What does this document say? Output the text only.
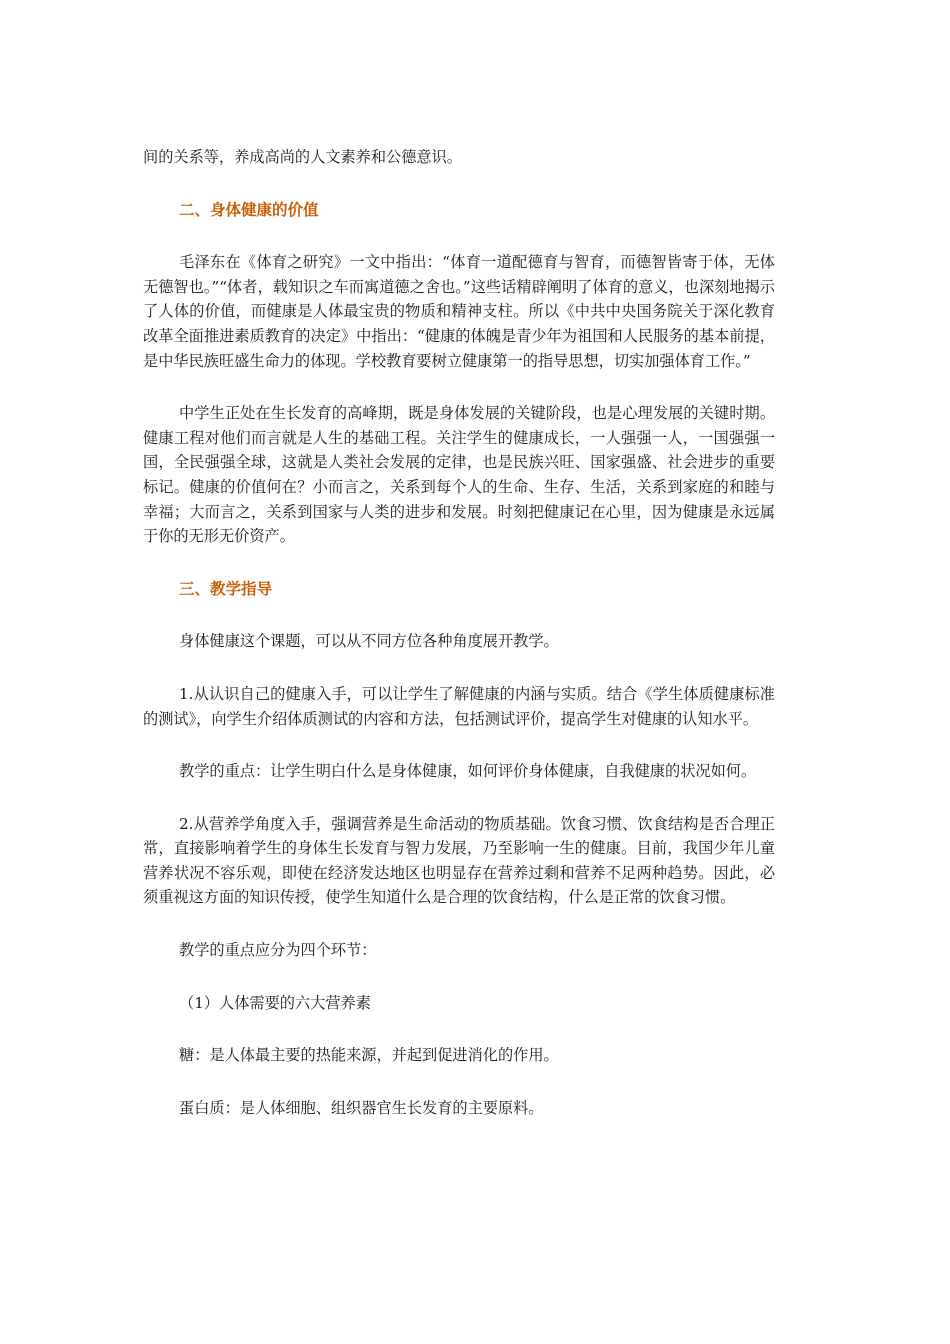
间的关系等，养成高尚的人文素养和公德意识。

二、身体健康的价值

毛泽东在《体育之研究》一文中指出：“体育一道配德育与智育，而德智皆寄于体，无体无德智也。”“体者，载知识之车而寓道德之舍也。”这些话精辟阐明了体育的意义，也深刻地揭示了人体的价值，而健康是人体最宝贵的物质和精神支柱。所以《中共中央国务院关于深化教育改革全面推进素质教育的决定》中指出：“健康的体魄是青少年为祖国和人民服务的基本前提，是中华民族旺盛生命力的体现。学校教育要树立健康第一的指导思想，切实加强体育工作。”

中学生正处在生长发育的高峰期，既是身体发展的关键阶段，也是心理发展的关键时期。健康工程对他们而言就是人生的基础工程。关注学生的健康成长，一人强强一人，一国强强一国，全民强强全球，这就是人类社会发展的定律，也是民族兴旺、国家强盛、社会进步的重要标记。健康的价值何在？小而言之，关系到每个人的生命、生存、生活，关系到家庭的和睦与幸福；大而言之，关系到国家与人类的进步和发展。时刻把健康记在心里，因为健康是永远属于你的无形无价资产。

三、教学指导

身体健康这个课题，可以从不同方位各种角度展开教学。

1.从认识自己的健康入手，可以让学生了解健康的内涵与实质。结合《学生体质健康标准的测试》，向学生介绍体质测试的内容和方法，包括测试评价，提高学生对健康的认知水平。

教学的重点：让学生明白什么是身体健康，如何评价身体健康，自我健康的状况如何。

2.从营养学角度入手，强调营养是生命活动的物质基础。饮食习惯、饮食结构是否合理正常，直接影响着学生的身体生长发育与智力发展，乃至影响一生的健康。目前，我国少年儿童营养状况不容乐观，即使在经济发达地区也明显存在营养过剩和营养不足两种趋势。因此，必须重视这方面的知识传授，使学生知道什么是合理的饮食结构，什么是正常的饮食习惯。

教学的重点应分为四个环节：

（1）人体需要的六大营养素

糖：是人体最主要的热能来源，并起到促进消化的作用。

蛋白质：是人体细胞、组织器官生长发育的主要原料。
